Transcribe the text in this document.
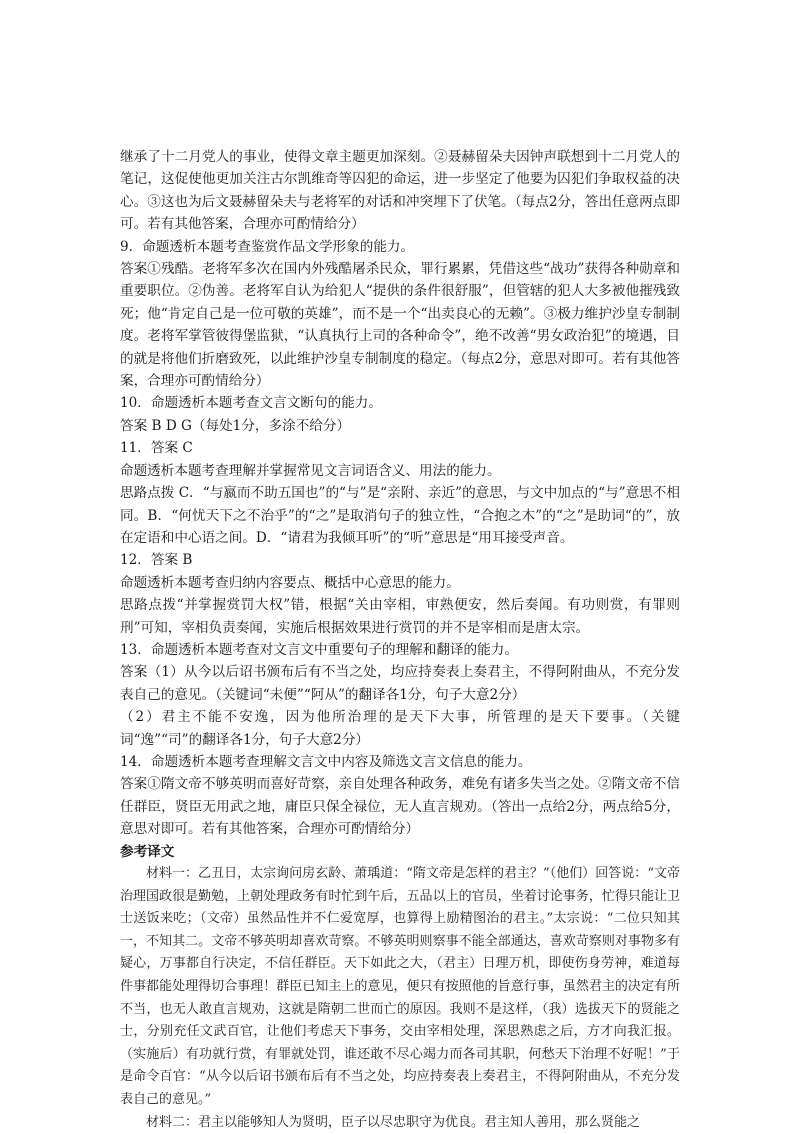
继承了十二月党人的事业，使得文章主题更加深刻。②聂赫留朵夫因钟声联想到十二月党人的笔记，这促使他更加关注古尔凯维奇等囚犯的命运，进一步坚定了他要为囚犯们争取权益的决心。③这也为后文聂赫留朵夫与老将军的对话和冲突埋下了伏笔。（每点2分，答出任意两点即可。若有其他答案，合理亦可酌情给分）

9．命题透析本题考查鉴赏作品文学形象的能力。

答案①残酷。老将军多次在国内外残酷屠杀民众，罪行累累，凭借这些“战功”获得各种勋章和重要职位。②伪善。老将军自认为给犯人“提供的条件很舒服”，但管辖的犯人大多被他摧残致死；他“肯定自己是一位可敬的英雄”，而不是一个“出卖良心的无赖”。③极力维护沙皇专制制度。老将军掌管彼得堡监狱，“认真执行上司的各种命令”，绝不改善“男女政治犯”的境遇，目的就是将他们折磨致死，以此维护沙皇专制制度的稳定。（每点2分，意思对即可。若有其他答案，合理亦可酌情给分）

10．命题透析本题考查文言文断句的能力。

答案 B D G（每处1分，多涂不给分）

11．答案 C

命题透析本题考查理解并掌握常见文言词语含义、用法的能力。

思路点拨 C．“与嬴而不助五国也”的“与”是“亲附、亲近”的意思，与文中加点的“与”意思不相同。B．“何忧天下之不治乎”的“之”是取消句子的独立性，“合抱之木”的“之”是助词“的”，放在定语和中心语之间。D．“请君为我倾耳听”的“听”意思是“用耳接受声音。

12．答案 B

命题透析本题考查归纳内容要点、概括中心意思的能力。

思路点拨“并掌握赏罚大权”错，根据“关由宰相，审熟便安，然后奏闻。有功则赏，有罪则刑”可知，宰相负责奏闻，实施后根据效果进行赏罚的并不是宰相而是唐太宗。

13．命题透析本题考查对文言文中重要句子的理解和翻译的能力。

答案（1）从今以后诏书颁布后有不当之处，均应持奏表上奏君主，不得阿附曲从，不充分发表自己的意见。（关键词“未便”“阿从”的翻译各1分，句子大意2分）

（2）君主不能不安逸，因为他所治理的是天下大事，所管理的是天下要事。（关键词“逸”“司”的翻译各1分，句子大意2分）

14．命题透析本题考查理解文言文中内容及筛选文言文信息的能力。

答案①隋文帝不够英明而喜好苛察，亲自处理各种政务，难免有诸多失当之处。②隋文帝不信任群臣，贤臣无用武之地，庸臣只保全禄位，无人直言规劝。（答出一点给2分，两点给5分，意思对即可。若有其他答案，合理亦可酌情给分）

参考译文

材料一：乙丑日，太宗询问房玄龄、萧瑀道：“隋文帝是怎样的君主？”（他们）回答说：“文帝治理国政很是勤勉，上朝处理政务有时忙到午后，五品以上的官员，坐着讨论事务，忙得只能让卫士送饭来吃；（文帝）虽然品性并不仁爱宽厚，也算得上励精图治的君主。”太宗说：“二位只知其一，不知其二。文帝不够英明却喜欢苛察。不够英明则察事不能全部通达，喜欢苛察则对事物多有疑心，万事都自行决定，不信任群臣。天下如此之大，（君主）日理万机，即使伤身劳神，难道每件事都能处理得切合事理！群臣已知主上的意见，便只有按照他的旨意行事，虽然君主的决定有所不当，也无人敢直言规劝，这就是隋朝二世而亡的原因。我则不是这样，（我）选拔天下的贤能之士，分别充任文武百官，让他们考虑天下事务，交由宰相处理，深思熟虑之后，方才向我汇报。（实施后）有功就行赏，有罪就处罚，谁还敢不尽心竭力而各司其职，何愁天下治理不好呢！”于是命令百官：“从今以后诏书颁布后有不当之处，均应持奏表上奏君主，不得阿附曲从，不充分发表自己的意见。”

材料二：君主以能够知人为贤明，臣子以尽忠职守为优良。君主知人善用，那么贤能之
